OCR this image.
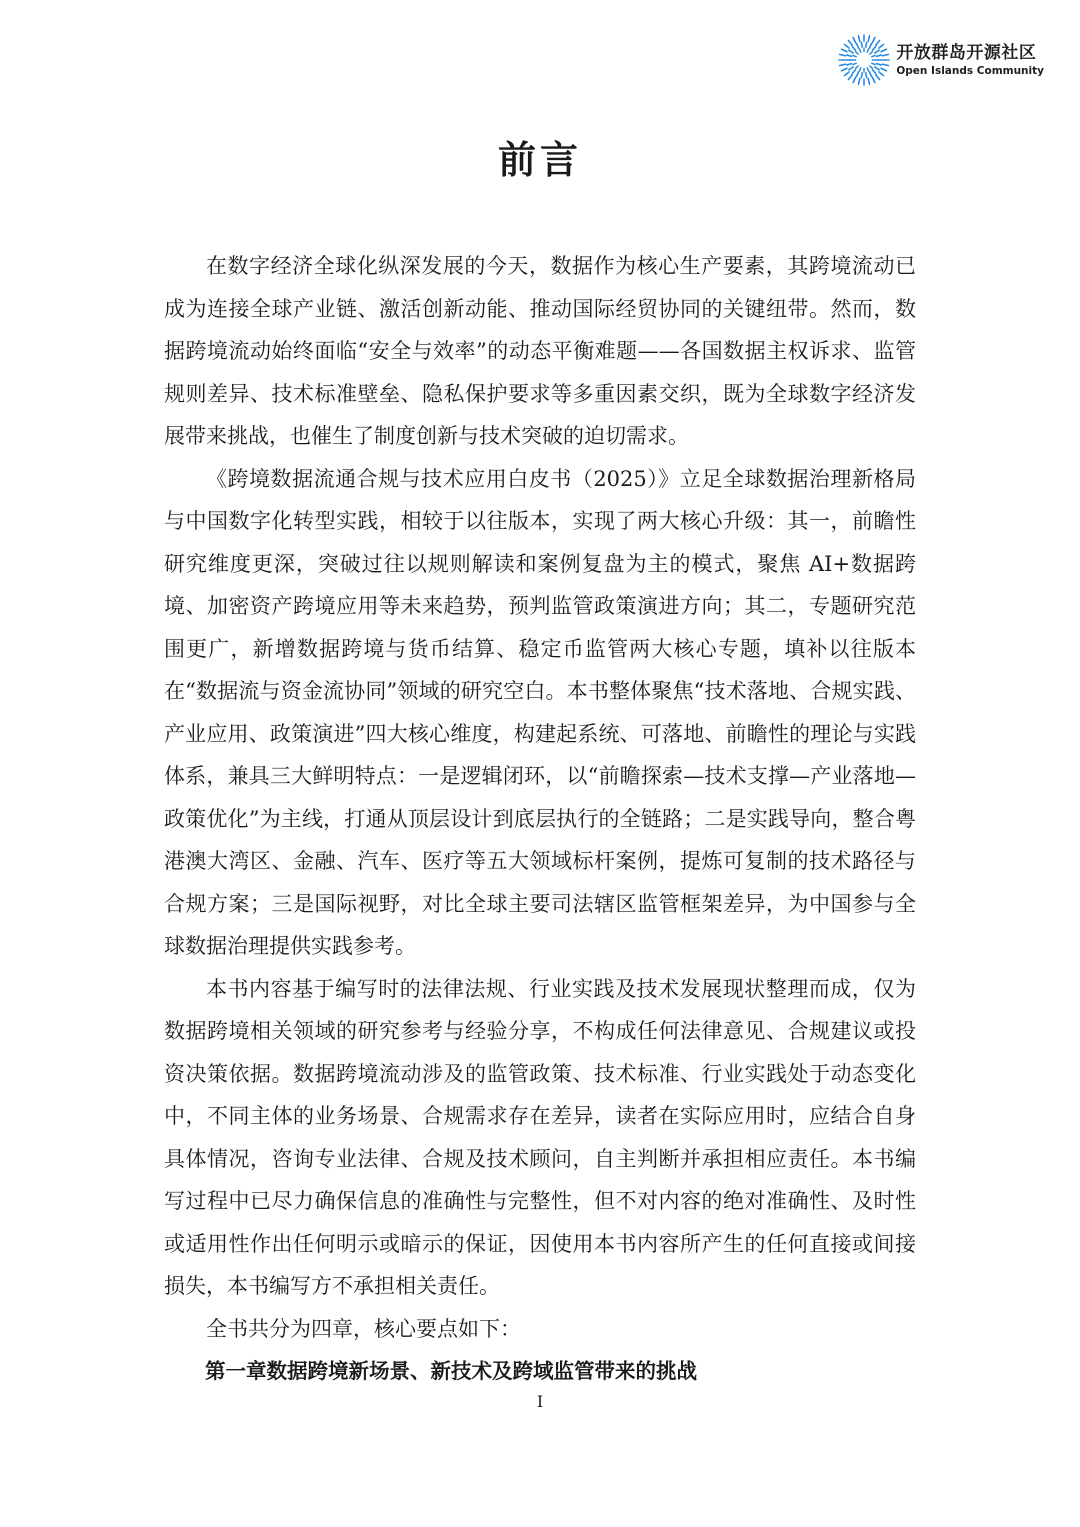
开放群岛开源社区
Open Islands Community
前言

在数字经济全球化纵深发展的今天，数据作为核心生产要素，其跨境流动已成为连接全球产业链、激活创新动能、推动国际经贸协同的关键纽带。然而，数据跨境流动始终面临“安全与效率”的动态平衡难题——各国数据主权诉求、监管规则差异、技术标准壁垒、隐私保护要求等多重因素交织，既为全球数字经济发展带来挑战，也催生了制度创新与技术突破的迫切需求。

《跨境数据流通合规与技术应用白皮书（2025）》立足全球数据治理新格局与中国数字化转型实践，相较于以往版本，实现了两大核心升级：其一，前瞻性研究维度更深，突破过往以规则解读和案例复盘为主的模式，聚焦 AI+数据跨境、加密资产跨境应用等未来趋势，预判监管政策演进方向；其二，专题研究范围更广，新增数据跨境与货币结算、稳定币监管两大核心专题，填补以往版本在“数据流与资金流协同”领域的研究空白。本书整体聚焦“技术落地、合规实践、产业应用、政策演进”四大核心维度，构建起系统、可落地、前瞻性的理论与实践体系，兼具三大鲜明特点：一是逻辑闭环，以“前瞻探索—技术支撑—产业落地—政策优化”为主线，打通从顶层设计到底层执行的全链路；二是实践导向，整合粤港澳大湾区、金融、汽车、医疗等五大领域标杆案例，提炼可复制的技术路径与合规方案；三是国际视野，对比全球主要司法辖区监管框架差异，为中国参与全球数据治理提供实践参考。

本书内容基于编写时的法律法规、行业实践及技术发展现状整理而成，仅为数据跨境相关领域的研究参考与经验分享，不构成任何法律意见、合规建议或投资决策依据。数据跨境流动涉及的监管政策、技术标准、行业实践处于动态变化中，不同主体的业务场景、合规需求存在差异，读者在实际应用时，应结合自身具体情况，咨询专业法律、合规及技术顾问，自主判断并承担相应责任。本书编写过程中已尽力确保信息的准确性与完整性，但不对内容的绝对准确性、及时性或适用性作出任何明示或暗示的保证，因使用本书内容所产生的任何直接或间接损失，本书编写方不承担相关责任。

全书共分为四章，核心要点如下：

第一章数据跨境新场景、新技术及跨域监管带来的挑战

I
